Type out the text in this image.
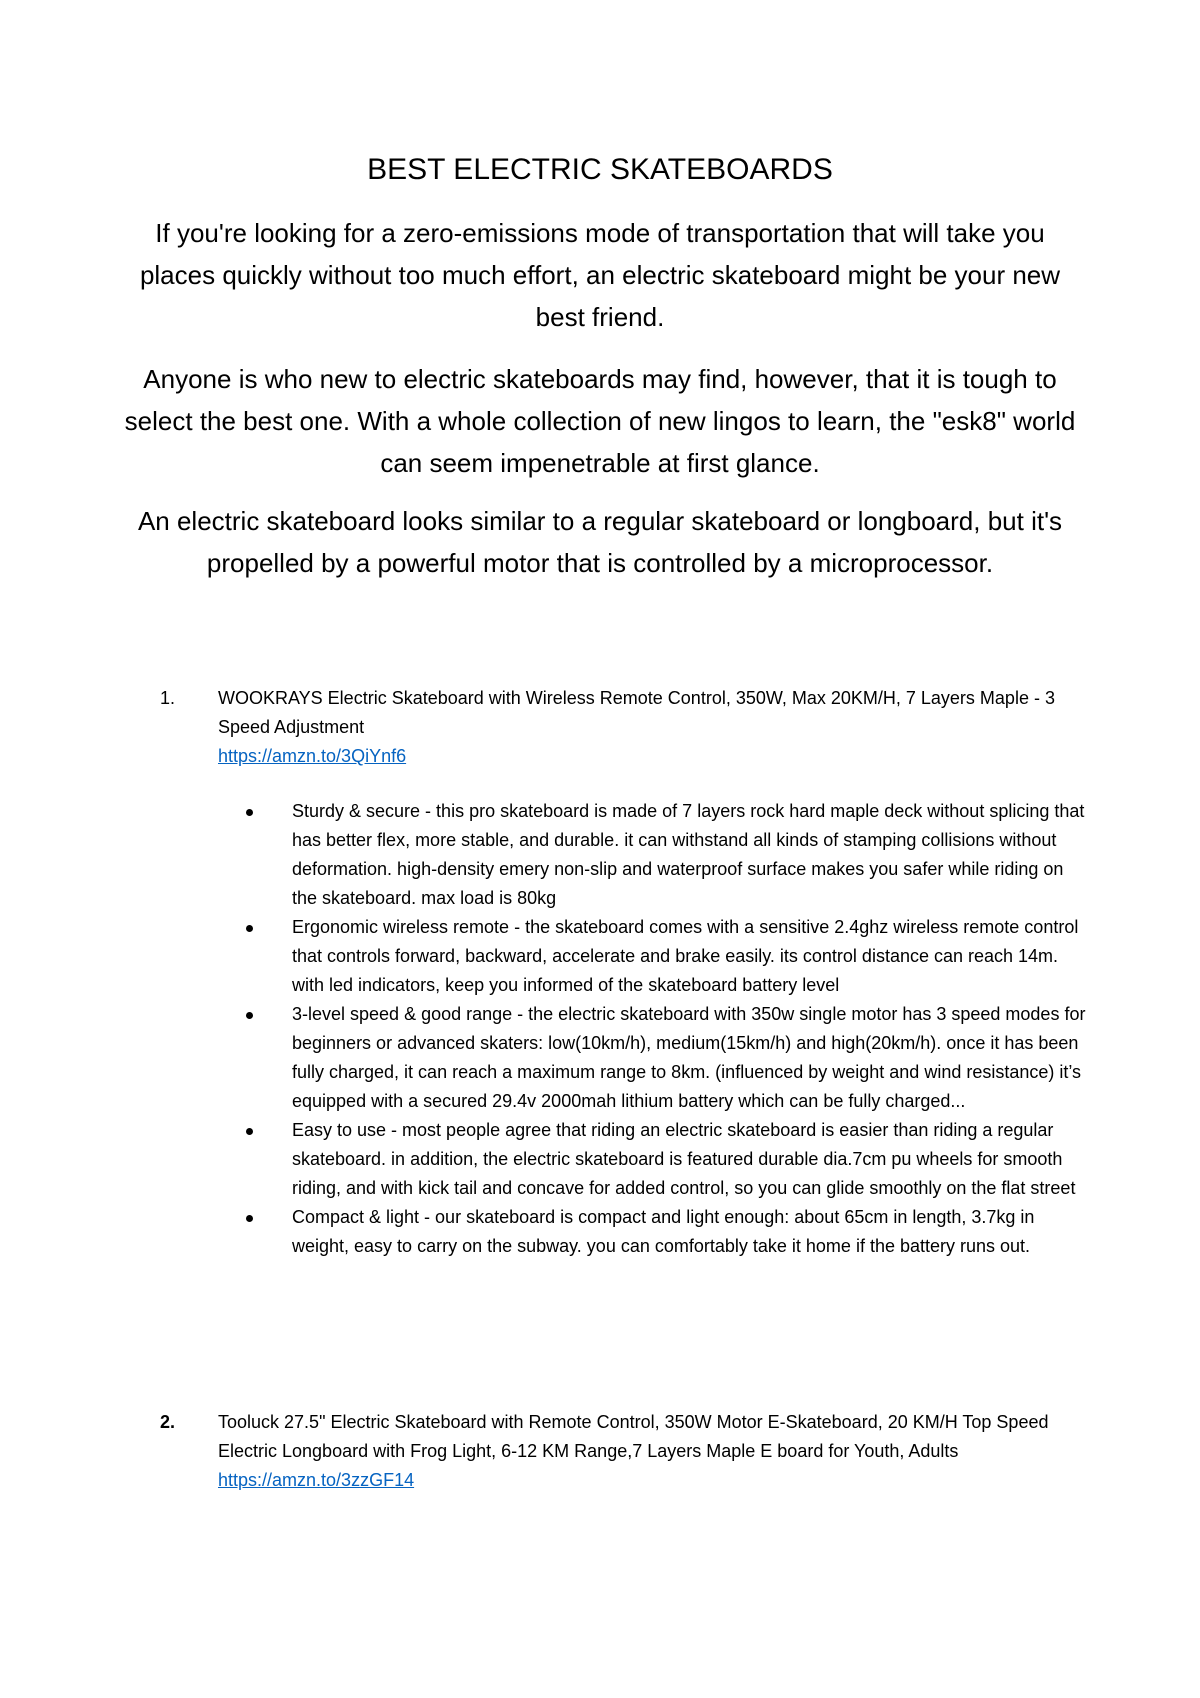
BEST ELECTRIC SKATEBOARDS

If you're looking for a zero-emissions mode of transportation that will take you places quickly without too much effort, an electric skateboard might be your new best friend.

Anyone is who new to electric skateboards may find, however, that it is tough to select the best one. With a whole collection of new lingos to learn, the "esk8" world can seem impenetrable at first glance.

An electric skateboard looks similar to a regular skateboard or longboard, but it's propelled by a powerful motor that is controlled by a microprocessor.

1.	WOOKRAYS Electric Skateboard with Wireless Remote Control, 350W, Max 20KM/H, 7 Layers Maple - 3 Speed Adjustment
https://amzn.to/3QiYnf6
Sturdy & secure - this pro skateboard is made of 7 layers rock hard maple deck without splicing that has better flex, more stable, and durable. it can withstand all kinds of stamping collisions without deformation. high-density emery non-slip and waterproof surface makes you safer while riding on the skateboard. max load is 80kg
Ergonomic wireless remote - the skateboard comes with a sensitive 2.4ghz wireless remote control that controls forward, backward, accelerate and brake easily. its control distance can reach 14m. with led indicators, keep you informed of the skateboard battery level
3-level speed & good range - the electric skateboard with 350w single motor has 3 speed modes for beginners or advanced skaters: low(10km/h), medium(15km/h) and high(20km/h). once it has been fully charged, it can reach a maximum range to 8km. (influenced by weight and wind resistance) it’s equipped with a secured 29.4v 2000mah lithium battery which can be fully charged...
Easy to use - most people agree that riding an electric skateboard is easier than riding a regular skateboard. in addition, the electric skateboard is featured durable dia.7cm pu wheels for smooth riding, and with kick tail and concave for added control, so you can glide smoothly on the flat street
Compact & light - our skateboard is compact and light enough: about 65cm in length, 3.7kg in weight, easy to carry on the subway. you can comfortably take it home if the battery runs out.
2.	Tooluck 27.5" Electric Skateboard with Remote Control, 350W Motor E-Skateboard, 20 KM/H Top Speed Electric Longboard with Frog Light, 6-12 KM Range,7 Layers Maple E board for Youth, Adults
https://amzn.to/3zzGF14
